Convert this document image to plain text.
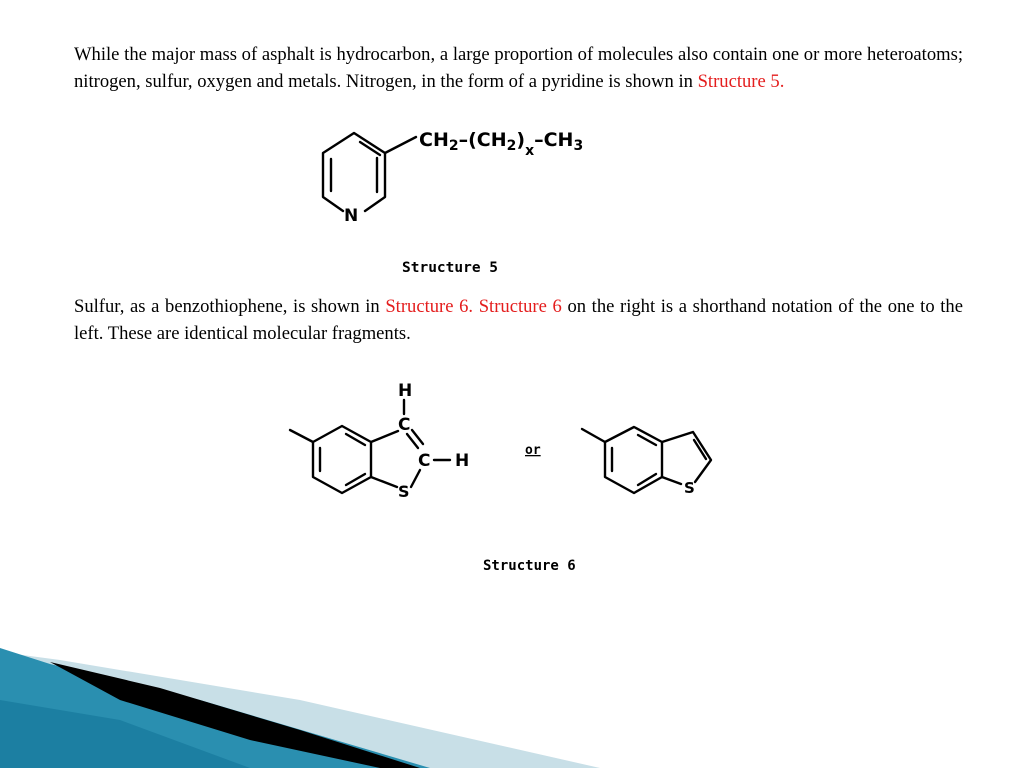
While the major mass of asphalt is hydrocarbon, a large proportion of molecules also contain one or more heteroatoms; nitrogen, sulfur, oxygen and metals. Nitrogen, in the form of a pyridine is shown in Structure 5.

Sulfur, as a benzothiophene, is shown in Structure 6. Structure 6 on the right is a shorthand notation of the one to the left. These are identical molecular fragments.

N
$CH_2-(CH_2)_x-CH_3$
Structure 5
H
C
C H
S
or
S
Structure 6
